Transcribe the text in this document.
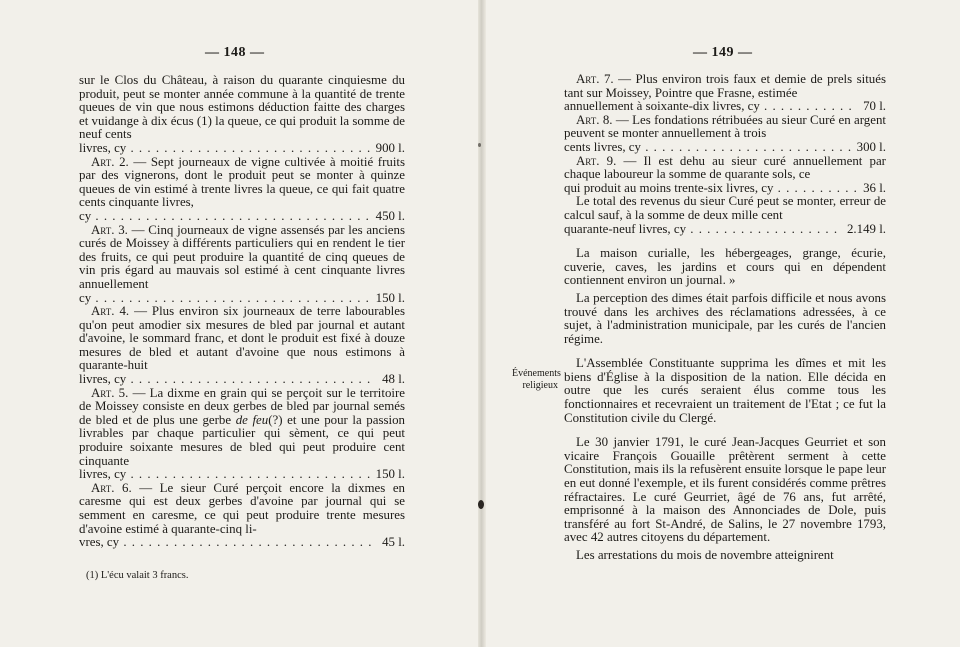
— 148 —

sur le Clos du Château, à raison du quarante cinquiesme du produit, peut se monter année commune à la quantité de trente queues de vin que nous estimons déduction faitte des charges et vuidange à dix écus (1) la queue, ce qui produit la somme de neuf cents

livres, cy . . .	900 l.

Art. 2. — Sept journeaux de vigne cultivée à moitié fruits par des vignerons, dont le produit peut se monter à quinze queues de vin estimé à trente livres la queue, ce qui fait quatre cents cinquante livres,

cy . . .	450 l.

Art. 3. — Cinq journeaux de vigne assensés par les anciens curés de Moissey à différents particuliers qui en rendent le tier des fruits, ce qui peut produire la quantité de cinq queues de vin pris égard au mauvais sol estimé à cent cinquante livres annuellement

cy . . .	150 l.

Art. 4. — Plus environ six journeaux de terre labourables qu'on peut amodier six mesures de bled par journal et autant d'avoine, le sommard franc, et dont le produit est fixé à douze mesures de bled et autant d'avoine que nous estimons à quarante-huit

livres, cy . . .	48 l.

Art. 5. — La dixme en grain qui se perçoit sur le territoire de Moissey consiste en deux gerbes de bled par journal semés de bled et de plus une gerbe de feu(?) et une pour la passion livrables par chaque particulier qui sèment, ce qui peut produire soixante mesures de bled qui peut produire cent cinquante

livres, cy . . .	150 l.

Art. 6. — Le sieur Curé perçoit encore la dixmes en caresme qui est deux gerbes d'avoine par journal qui se semment en caresme, ce qui peut produire trente mesures d'avoine estimé à quarante-cinq li-

vres, cy . . .	45 l.
(1) L'écu valait 3 francs.
— 149 —
Événements religieux

Art. 7. — Plus environ trois faux et demie de prels situés tant sur Moissey, Pointre que Frasne, estimée

annuellement à soixante-dix livres, cy . . .	70 l.

Art. 8. — Les fondations rétribuées au sieur Curé en argent peuvent se monter annuellement à trois

cents livres, cy . . .	300 l.

Art. 9. — Il est dehu au sieur curé annuellement par chaque laboureur la somme de quarante sols, ce

qui produit au moins trente-six livres, cy . . .	36 l.

Le total des revenus du sieur Curé peut se monter, erreur de calcul sauf, à la somme de deux mille cent

quarante-neuf livres, cy . . .	2.149 l.

La maison curialle, les hébergeages, grange, écurie, cuverie, caves, les jardins et cours qui en dépendent contiennent environ un journal. »

La perception des dimes était parfois difficile et nous avons trouvé dans les archives des réclamations adressées, à ce sujet, à l'administration municipale, par les curés de l'ancien régime.

L'Assemblée Constituante supprima les dîmes et mit les biens d'Église à la disposition de la nation. Elle décida en outre que les curés seraient élus comme tous les fonctionnaires et recevraient un traitement de l'Etat ; ce fut la Constitution civile du Clergé.

Le 30 janvier 1791, le curé Jean-Jacques Geurriet et son vicaire François Gouaille prêtèrent serment à cette Constitution, mais ils la refusèrent ensuite lorsque le pape leur en eut donné l'exemple, et ils furent considérés comme prêtres réfractaires. Le curé Geurriet, âgé de 76 ans, fut arrêté, emprisonné à la maison des Annonciades de Dole, puis transféré au fort St-André, de Salins, le 27 novembre 1793, avec 42 autres citoyens du département.

Les arrestations du mois de novembre atteignirent
